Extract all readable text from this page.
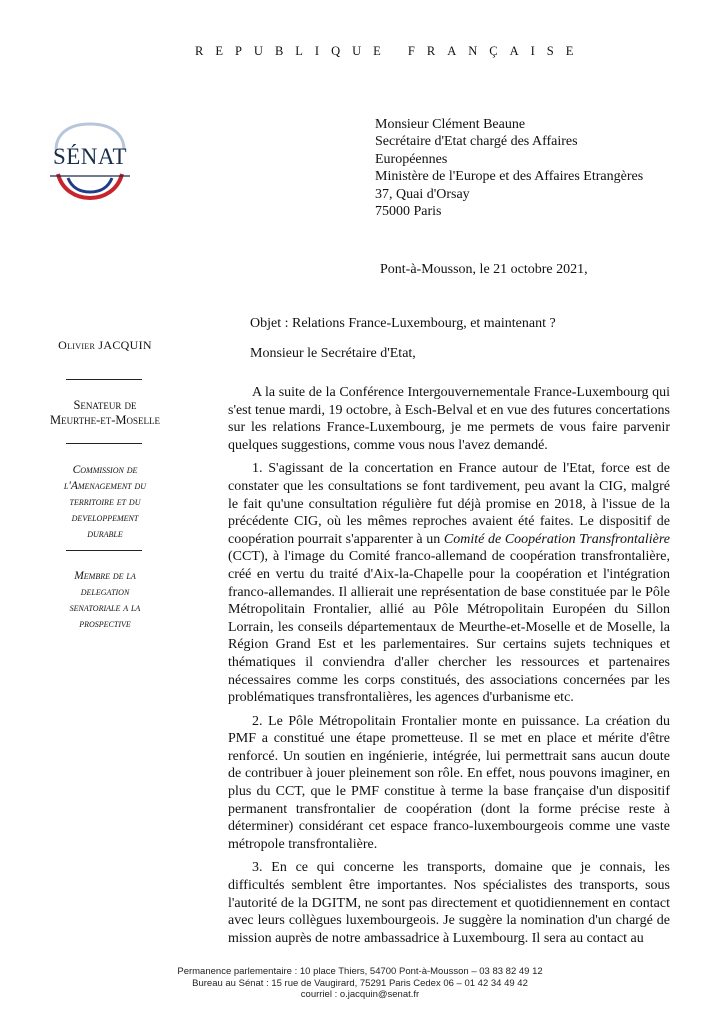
REPUBLIQUE FRANÇAISE
SÉNAT
Monsieur Clément Beaune
Secrétaire d'Etat chargé des Affaires
Européennes
Ministère de l'Europe et des Affaires Etrangères
37, Quai d'Orsay
75000 Paris
Pont-à-Mousson, le 21 octobre 2021,
Objet : Relations France-Luxembourg, et maintenant ?
Monsieur le Secrétaire d'Etat,
Olivier JACQUIN
Senateur de
Meurthe-et-Moselle
Commission de
l'Amenagement du
territoire et du
developpement
durable
Membre de la
delegation
senatoriale a la
prospective

A la suite de la Conférence Intergouvernementale France-Luxembourg qui s'est tenue mardi, 19 octobre, à Esch-Belval et en vue des futures concertations sur les relations France-Luxembourg, je me permets de vous faire parvenir quelques suggestions, comme vous nous l'avez demandé.

1. S'agissant de la concertation en France autour de l'Etat, force est de constater que les consultations se font tardivement, peu avant la CIG, malgré le fait qu'une consultation régulière fut déjà promise en 2018, à l'issue de la précédente CIG, où les mêmes reproches avaient été faites. Le dispositif de coopération pourrait s'apparenter à un Comité de Coopération Transfrontalière (CCT), à l'image du Comité franco-allemand de coopération transfrontalière, créé en vertu du traité d'Aix-la-Chapelle pour la coopération et l'intégration franco-allemandes. Il allierait une représentation de base constituée par le Pôle Métropolitain Frontalier, allié au Pôle Métropolitain Européen du Sillon Lorrain, les conseils départementaux de Meurthe-et-Moselle et de Moselle, la Région Grand Est et les parlementaires. Sur certains sujets techniques et thématiques il conviendra d'aller chercher les ressources et partenaires nécessaires comme les corps constitués, des associations concernées par les problématiques transfrontalières, les agences d'urbanisme etc.

2. Le Pôle Métropolitain Frontalier monte en puissance. La création du PMF a constitué une étape prometteuse. Il se met en place et mérite d'être renforcé. Un soutien en ingénierie, intégrée, lui permettrait sans aucun doute de contribuer à jouer pleinement son rôle. En effet, nous pouvons imaginer, en plus du CCT, que le PMF constitue à terme la base française d'un dispositif permanent transfrontalier de coopération (dont la forme précise reste à déterminer) considérant cet espace franco-luxembourgeois comme une vaste métropole transfrontalière.

3. En ce qui concerne les transports, domaine que je connais, les difficultés semblent être importantes. Nos spécialistes des transports, sous l'autorité de la DGITM, ne sont pas directement et quotidiennement en contact avec leurs collègues luxembourgeois. Je suggère la nomination d'un chargé de mission auprès de notre ambassadrice à Luxembourg. Il sera au contact au

Permanence parlementaire : 10 place Thiers, 54700 Pont-à-Mousson – 03 83 82 49 12
Bureau au Sénat : 15 rue de Vaugirard, 75291 Paris Cedex 06 – 01 42 34 49 42
courriel : o.jacquin@senat.fr
